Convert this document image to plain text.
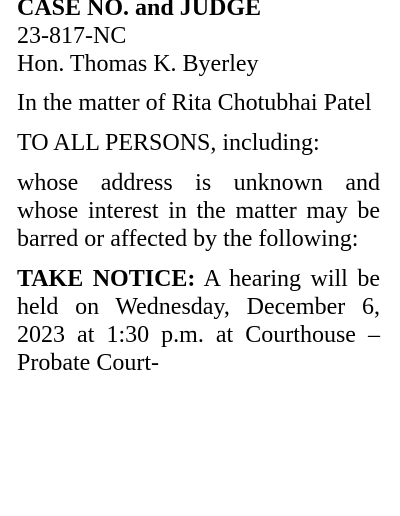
CASE NO. and JUDGE
23-817-NC
Hon. Thomas K. Byerley

In the matter of Rita Chotubhai Patel

TO ALL PERSONS, including:

whose address is unknown and whose interest in the matter may be barred or affected by the following:

TAKE NOTICE: A hearing will be held on Wednesday, December 6, 2023 at 1:30 p.m. at Courthouse – Probate Court-
